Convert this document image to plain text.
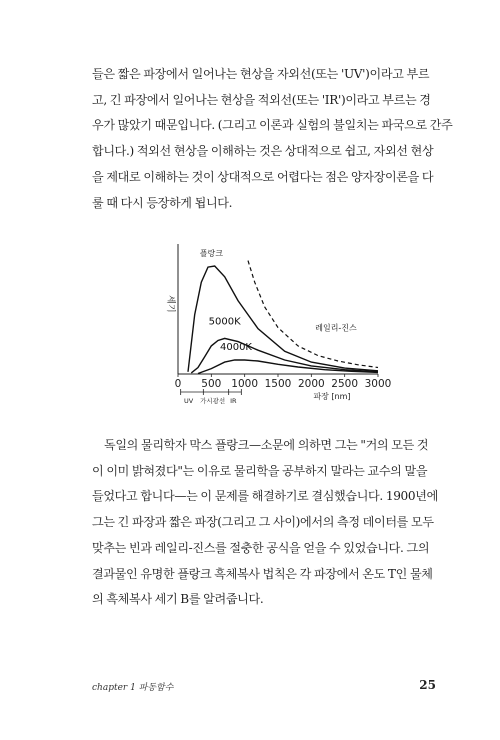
들은 짧은 파장에서 일어나는 현상을 자외선(또는 'UV')이라고 부르
고, 긴 파장에서 일어나는 현상을 적외선(또는 'IR')이라고 부르는 경
우가 많았기 때문입니다. (그리고 이론과 실험의 불일치는 파국으로 간주
합니다.) 적외선 현상을 이해하는 것은 상대적으로 쉽고, 자외선 현상
을 제대로 이해하는 것이 상대적으로 어렵다는 점은 양자장이론을 다
룰 때 다시 등장하게 됩니다.
0 500 1000 1500 2000 2500 3000
세기
파장 [nm]
UV 가시광선 IR
플랑크
5000K
4000K
레일리-진스
독일의 물리학자 막스 플랑크—소문에 의하면 그는 "거의 모든 것
이 이미 밝혀졌다"는 이유로 물리학을 공부하지 말라는 교수의 말을
들었다고 합니다—는 이 문제를 해결하기로 결심했습니다. 1900년에
그는 긴 파장과 짧은 파장(그리고 그 사이)에서의 측정 데이터를 모두
맞추는 빈과 레일리-진스를 절충한 공식을 얻을 수 있었습니다. 그의
결과물인 유명한 플랑크 흑체복사 법칙은 각 파장에서 온도 T인 물체
의 흑체복사 세기 B를 알려줍니다.
chapter 1 파동함수	25
